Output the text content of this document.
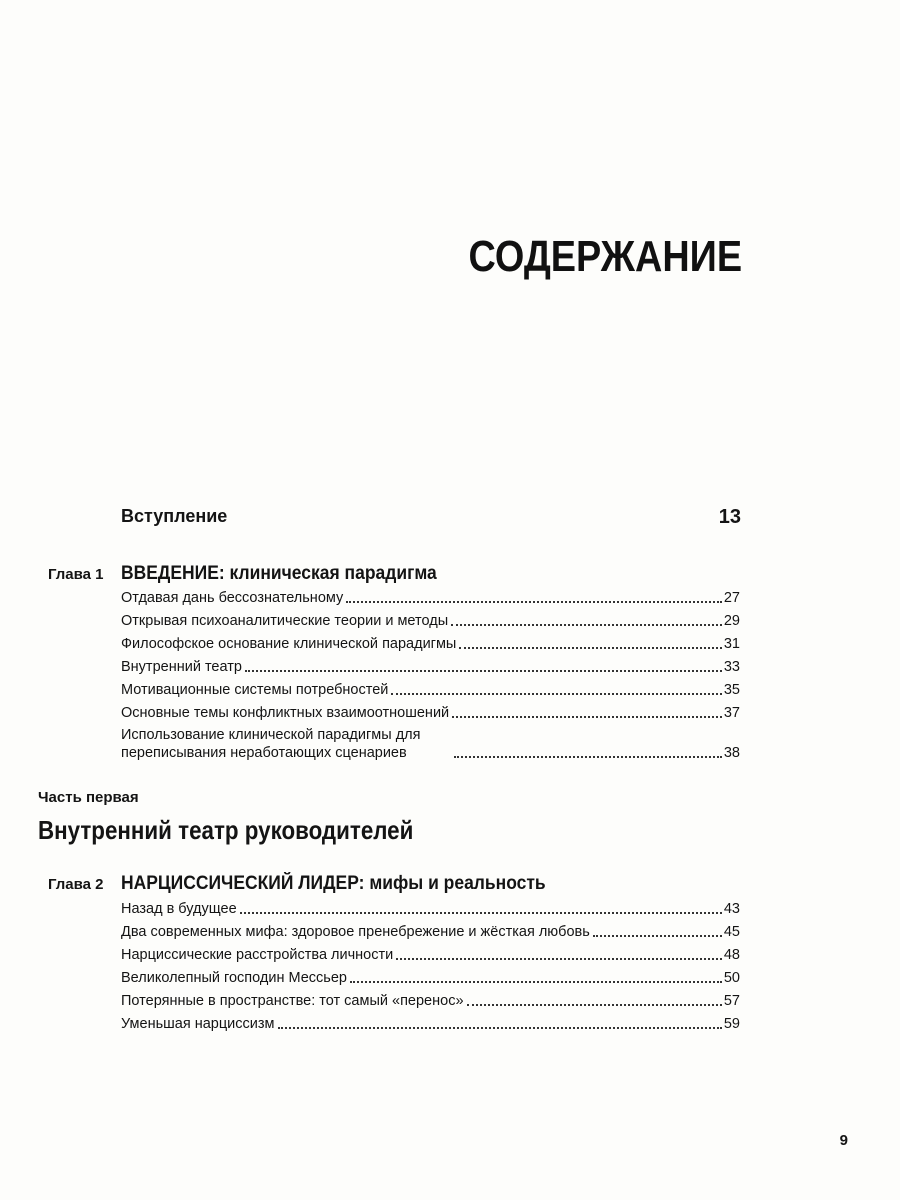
СОДЕРЖАНИЕ
Вступление	13
Глава 1 ВВЕДЕНИЕ: клиническая парадигма
Отдавая дань бессознательному	27
Открывая психоаналитические теории и методы	29
Философское основание клинической парадигмы	31
Внутренний театр	33
Мотивационные системы потребностей	35
Основные темы конфликтных взаимоотношений	37
Использование клинической парадигмы для переписывания неработающих сценариев	38
Часть первая
Внутренний театр руководителей
Глава 2 НАРЦИССИЧЕСКИЙ ЛИДЕР: мифы и реальность
Назад в будущее	43
Два современных мифа: здоровое пренебрежение и жёсткая любовь	45
Нарциссические расстройства личности	48
Великолепный господин Мессьер	50
Потерянные в пространстве: тот самый «перенос»	57
Уменьшая нарциссизм	59
9
